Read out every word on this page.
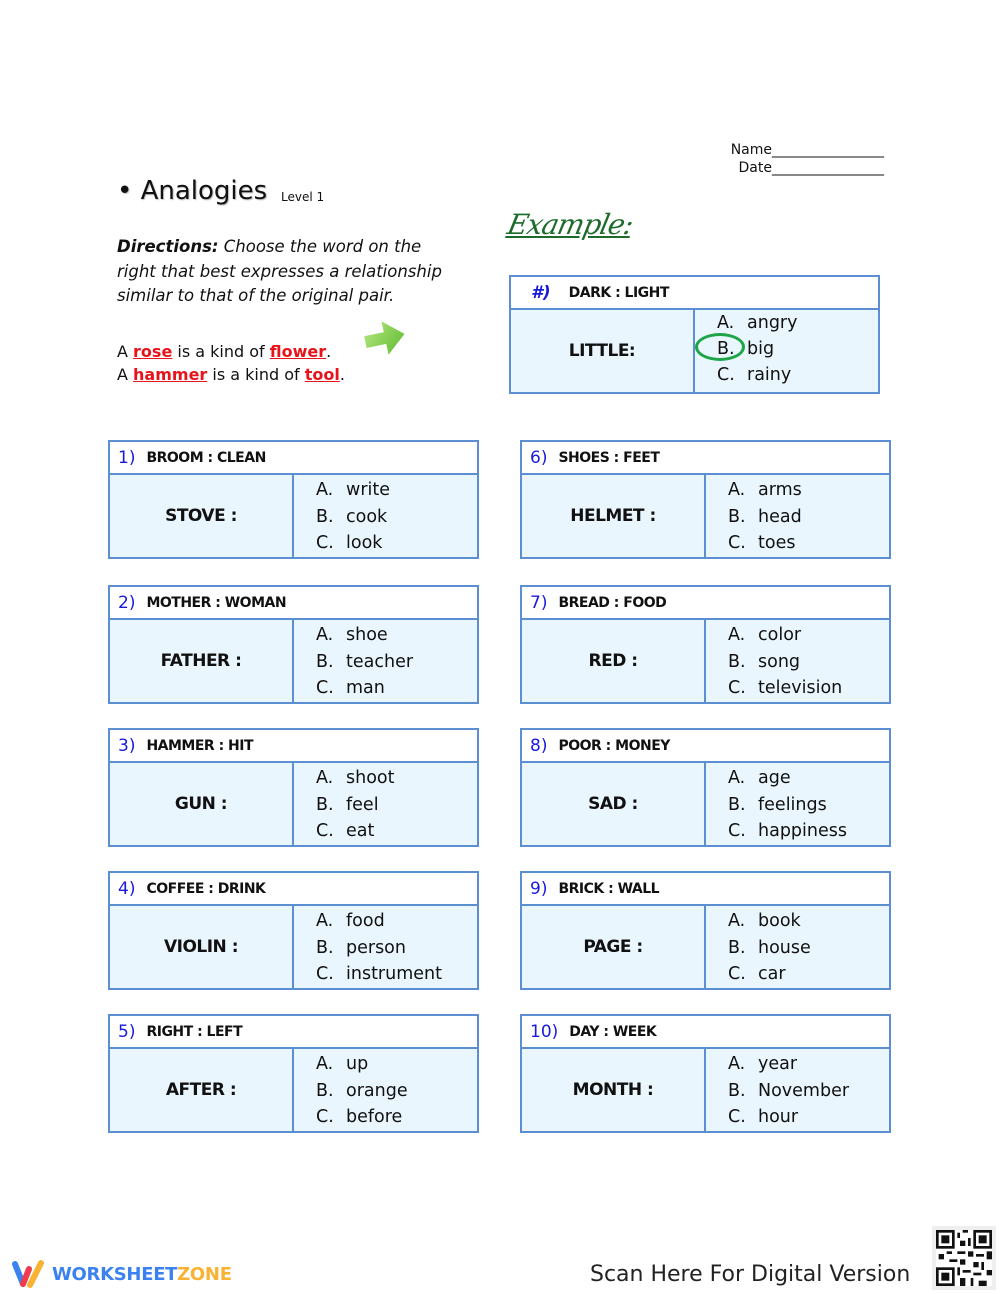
Name________________
Date________________
• Analogies Level 1
Directions: Choose the word on the right that best expresses a relationship similar to that of the original pair.
A rose is a kind of flower.
A hammer is a kind of tool.
Example:
#) DARK : LIGHT
LITTLE:
A. angry
B. big
C. rainy
1) BROOM : CLEAN
STOVE :
A. write
B. cook
C. look
2) MOTHER : WOMAN
FATHER :
A. shoe
B. teacher
C. man
3) HAMMER : HIT
GUN :
A. shoot
B. feel
C. eat
4) COFFEE : DRINK
VIOLIN :
A. food
B. person
C. instrument
5) RIGHT : LEFT
AFTER :
A. up
B. orange
C. before
6) SHOES : FEET
HELMET :
A. arms
B. head
C. toes
7) BREAD : FOOD
RED :
A. color
B. song
C. television
8) POOR : MONEY
SAD :
A. age
B. feelings
C. happiness
9) BRICK : WALL
PAGE :
A. book
B. house
C. car
10) DAY : WEEK
MONTH :
A. year
B. November
C. hour
WORKSHEETZONE	Scan Here For Digital Version
